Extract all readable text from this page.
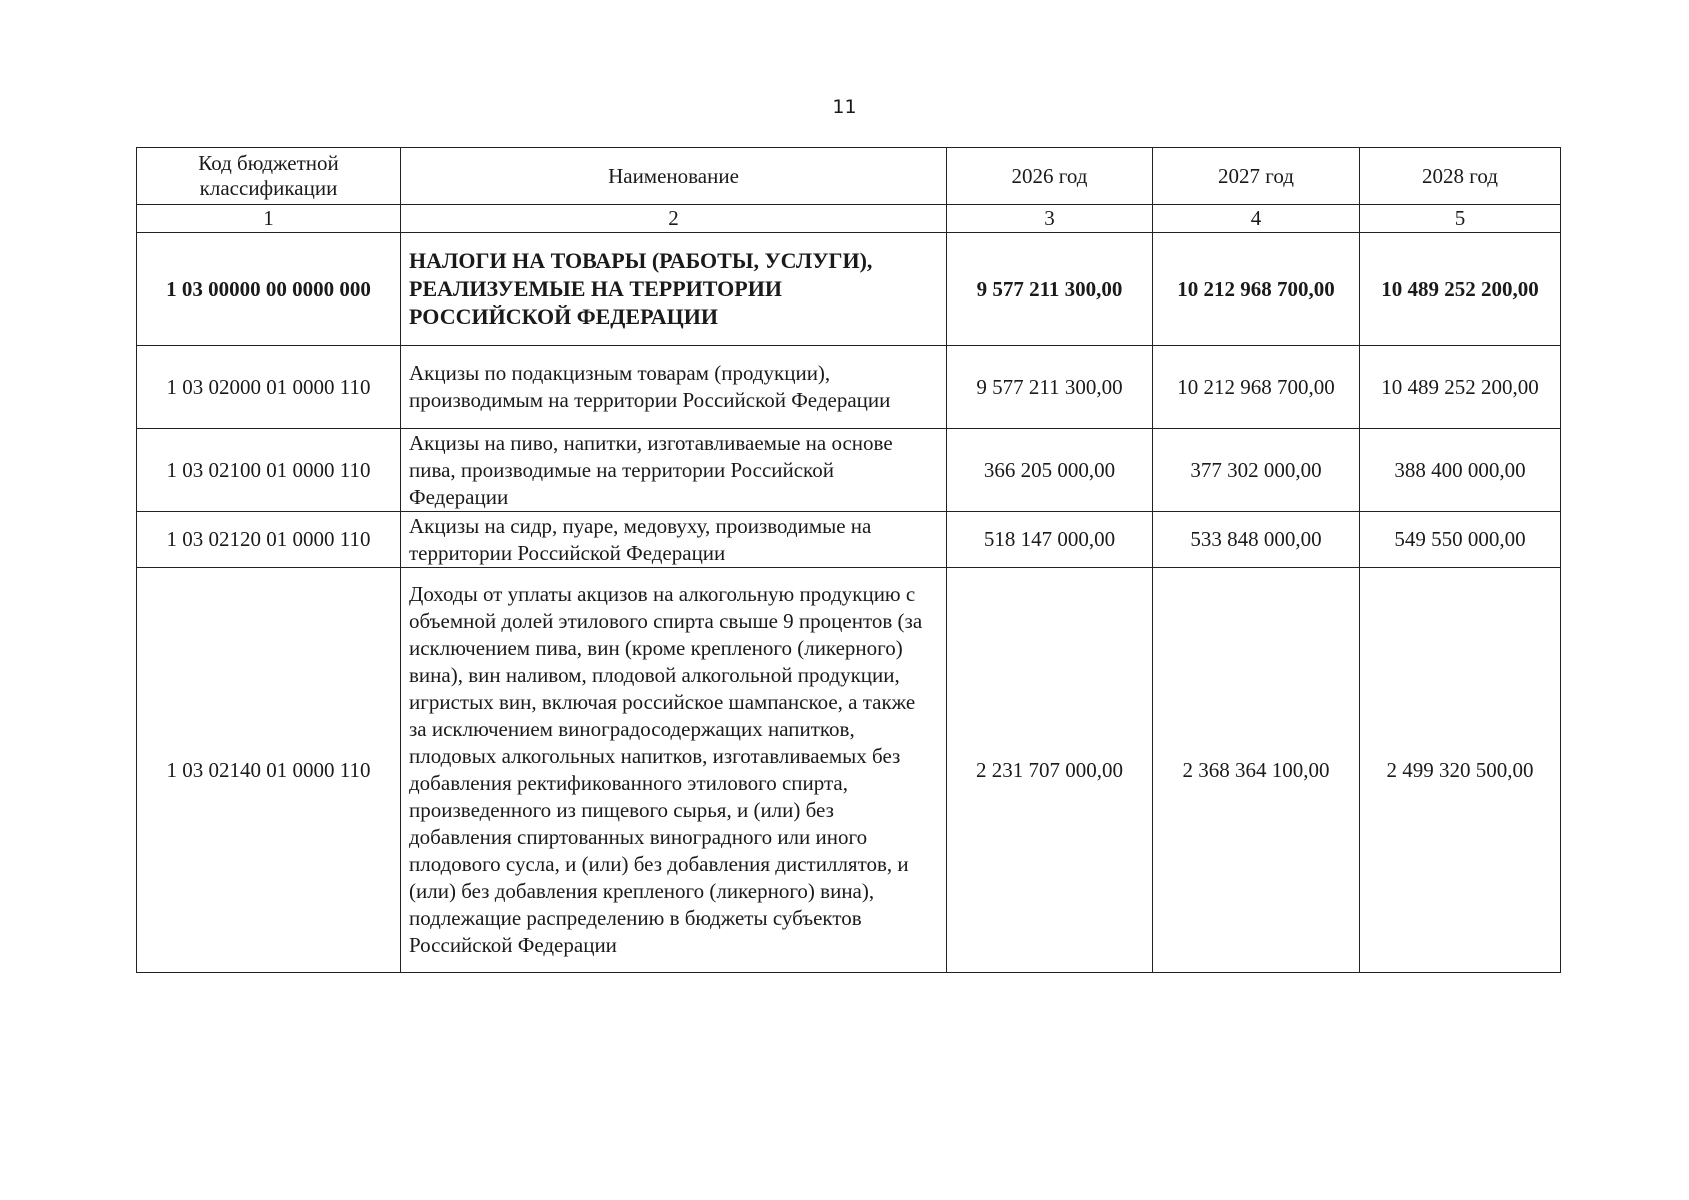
11
Код бюджетной классификации	Наименование	2026 год	2027 год	2028 год
1	2	3	4	5
1 03 00000 00 0000 000	НАЛОГИ НА ТОВАРЫ (РАБОТЫ, УСЛУГИ), РЕАЛИЗУЕМЫЕ НА ТЕРРИТОРИИ РОССИЙСКОЙ ФЕДЕРАЦИИ	9 577 211 300,00	10 212 968 700,00	10 489 252 200,00
1 03 02000 01 0000 110	Акцизы по подакцизным товарам (продукции), производимым на территории Российской Федерации	9 577 211 300,00	10 212 968 700,00	10 489 252 200,00
1 03 02100 01 0000 110	Акцизы на пиво, напитки, изготавливаемые на основе пива, производимые на территории Российской Федерации	366 205 000,00	377 302 000,00	388 400 000,00
1 03 02120 01 0000 110	Акцизы на сидр, пуаре, медовуху, производимые на территории Российской Федерации	518 147 000,00	533 848 000,00	549 550 000,00
1 03 02140 01 0000 110	Доходы от уплаты акцизов на алкогольную продукцию с объемной долей этилового спирта свыше 9 процентов (за исключением пива, вин (кроме крепленого (ликерного) вина), вин наливом, плодовой алкогольной продукции, игристых вин, включая российское шампанское, а также за исключением виноградосодержащих напитков, плодовых алкогольных напитков, изготавливаемых без добавления ректификованного этилового спирта, произведенного из пищевого сырья, и (или) без добавления спиртованных виноградного или иного плодового сусла, и (или) без добавления дистиллятов, и (или) без добавления крепленого (ликерного) вина), подлежащие распределению в бюджеты субъектов Российской Федерации	2 231 707 000,00	2 368 364 100,00	2 499 320 500,00
